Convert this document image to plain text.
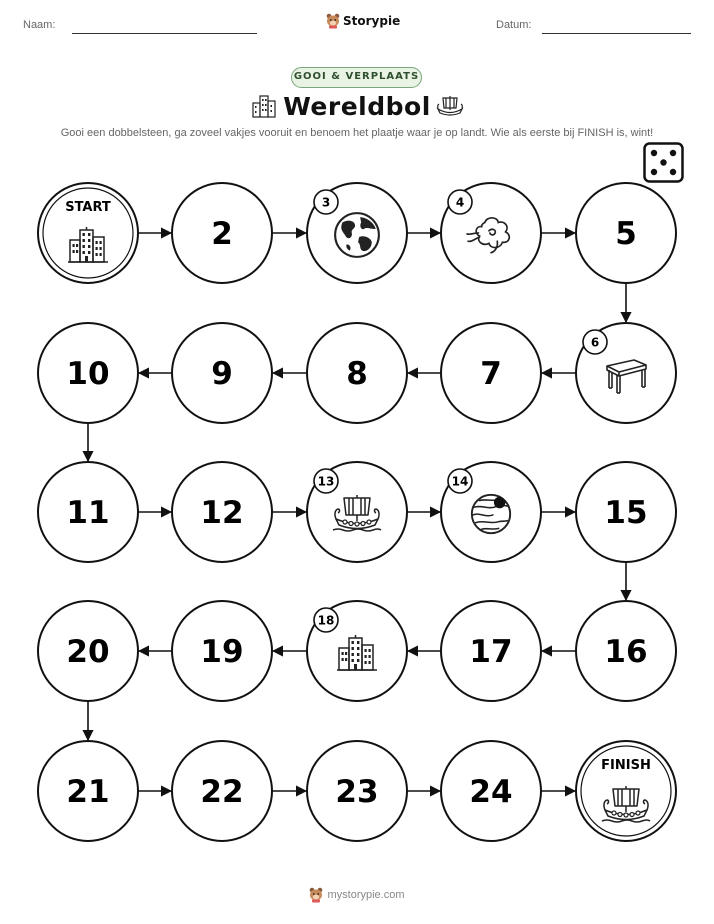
Naam:	Datum:
Storypie
GOOI & VERPLAATS
Wereldbol
Gooi een dobbelsteen, ga zoveel vakjes vooruit en benoem het plaatje waar je op landt. Wie als eerste bij FINISH is, wint!
START
2
3	4
5
6
7
8
9
10
11	12
13	14
15
16
17
18
19
20
21	22	23	24
FINISH
mystorypie.com
